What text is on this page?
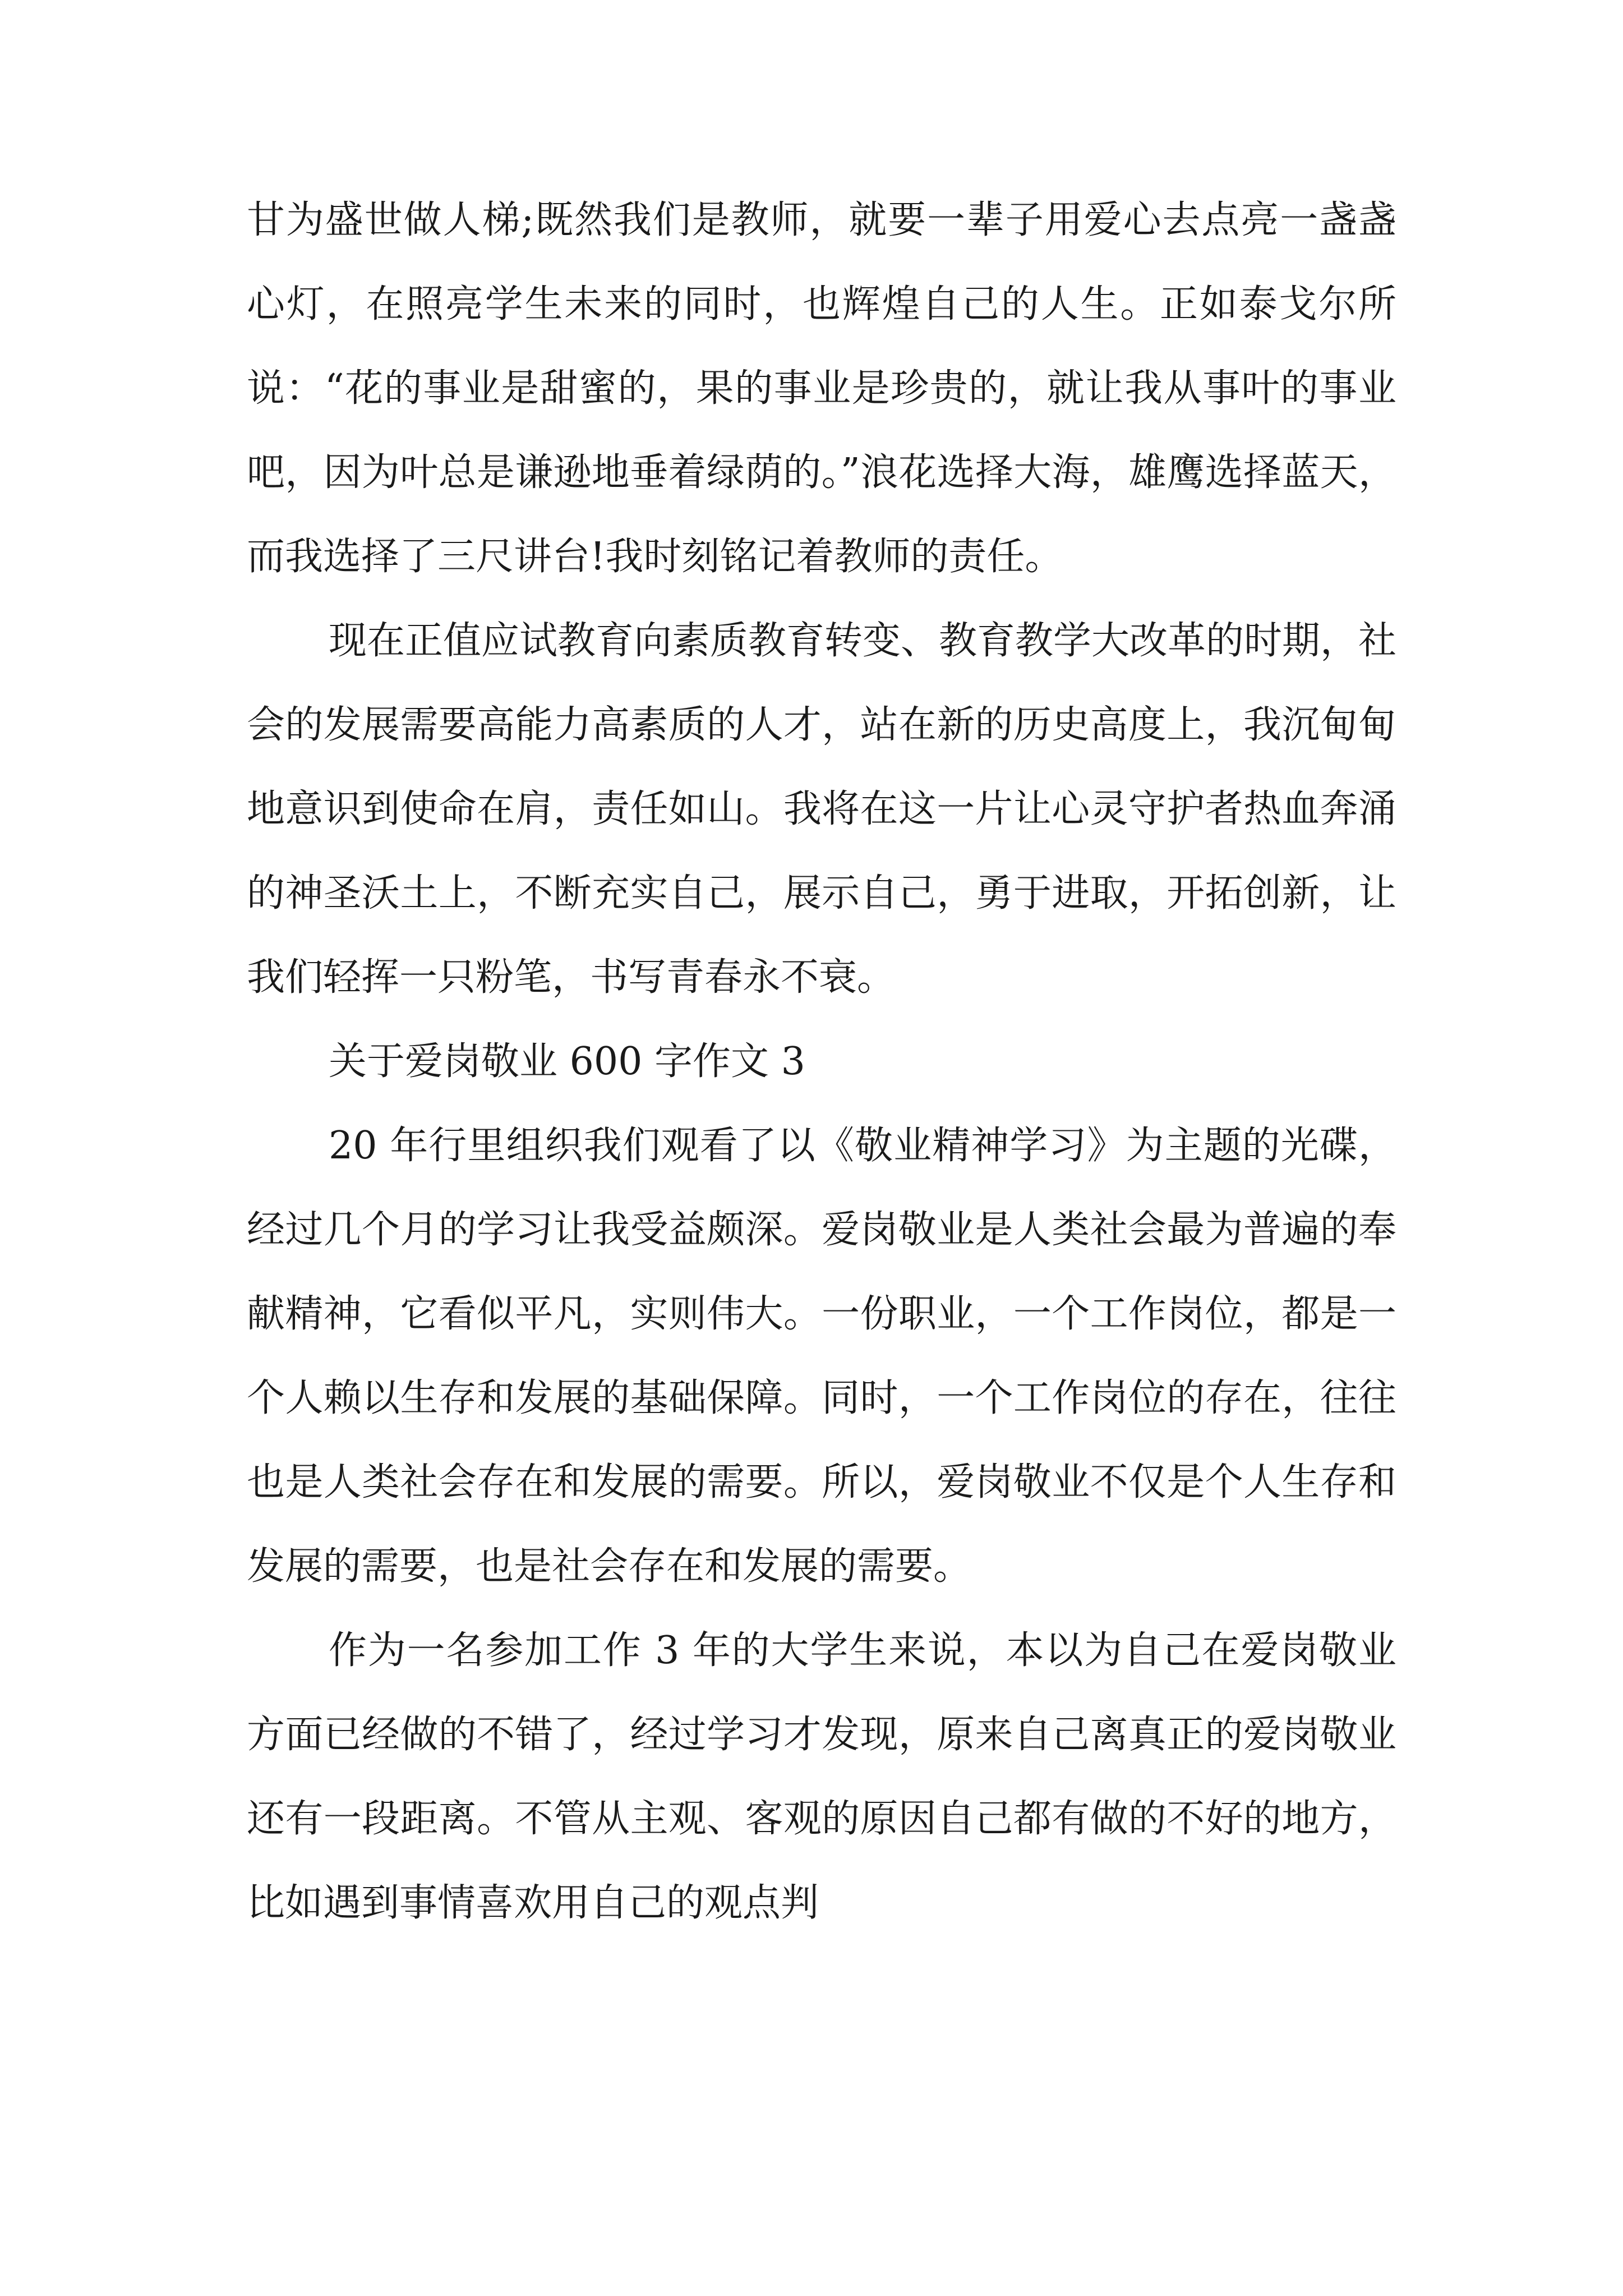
甘为盛世做人梯;既然我们是教师，就要一辈子用爱心去点亮一盏盏心灯，在照亮学生未来的同时，也辉煌自己的人生。正如泰戈尔所说：“花的事业是甜蜜的，果的事业是珍贵的，就让我从事叶的事业吧，因为叶总是谦逊地垂着绿荫的。”浪花选择大海，雄鹰选择蓝天，而我选择了三尺讲台!我时刻铭记着教师的责任。

现在正值应试教育向素质教育转变、教育教学大改革的时期，社会的发展需要高能力高素质的人才，站在新的历史高度上，我沉甸甸地意识到使命在肩，责任如山。我将在这一片让心灵守护者热血奔涌的神圣沃土上，不断充实自己，展示自己，勇于进取，开拓创新，让我们轻挥一只粉笔，书写青春永不衰。

关于爱岗敬业 600 字作文 3

20 年行里组织我们观看了以《敬业精神学习》为主题的光碟，经过几个月的学习让我受益颇深。爱岗敬业是人类社会最为普遍的奉献精神，它看似平凡，实则伟大。一份职业，一个工作岗位，都是一个人赖以生存和发展的基础保障。同时，一个工作岗位的存在，往往也是人类社会存在和发展的需要。所以，爱岗敬业不仅是个人生存和发展的需要，也是社会存在和发展的需要。

作为一名参加工作 3 年的大学生来说，本以为自己在爱岗敬业方面已经做的不错了，经过学习才发现，原来自己离真正的爱岗敬业还有一段距离。不管从主观、客观的原因自己都有做的不好的地方，比如遇到事情喜欢用自己的观点判
